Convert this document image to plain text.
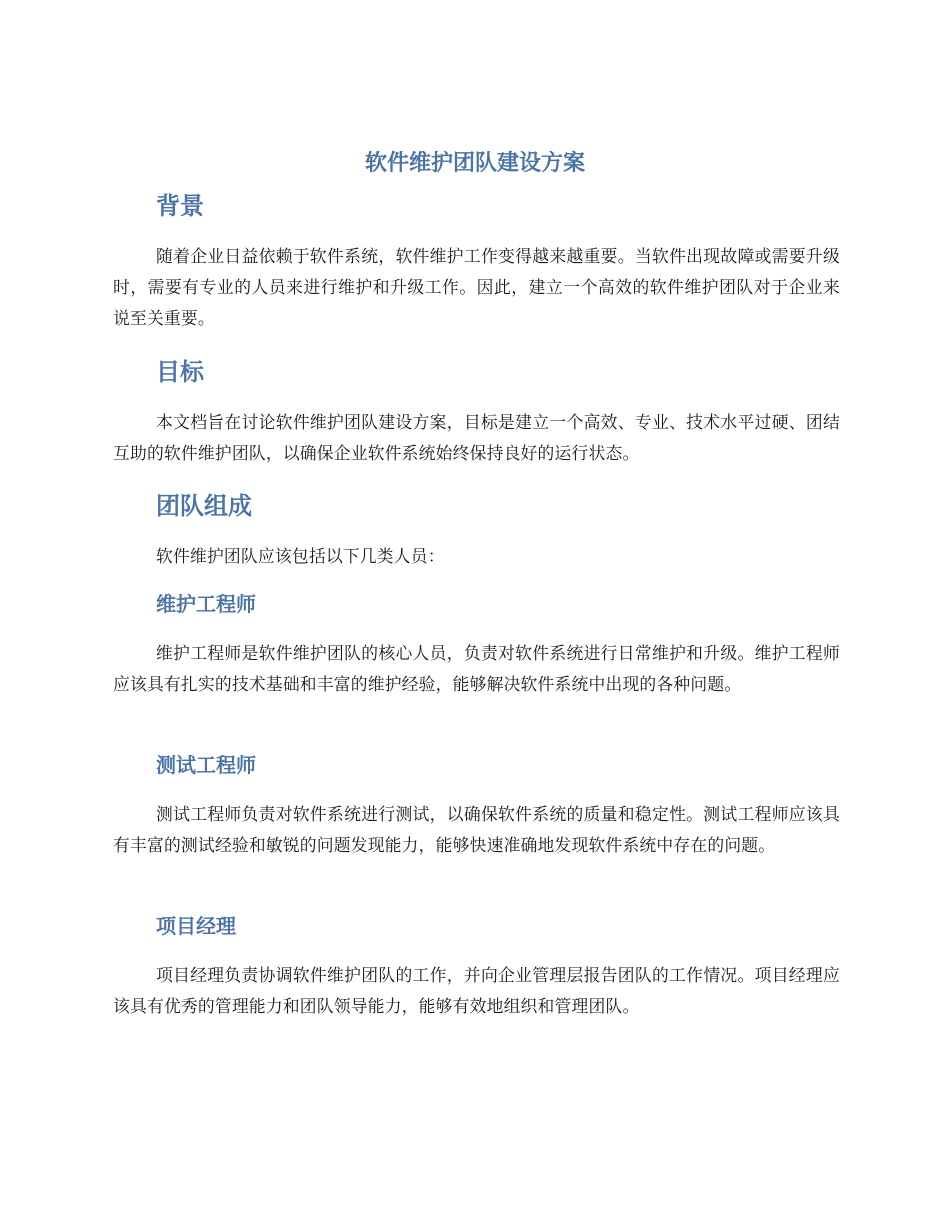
软件维护团队建设方案
背景

随着企业日益依赖于软件系统，软件维护工作变得越来越重要。当软件出现故障或需要升级时，需要有专业的人员来进行维护和升级工作。因此，建立一个高效的软件维护团队对于企业来说至关重要。

目标

本文档旨在讨论软件维护团队建设方案，目标是建立一个高效、专业、技术水平过硬、团结互助的软件维护团队，以确保企业软件系统始终保持良好的运行状态。

团队组成

软件维护团队应该包括以下几类人员：

维护工程师

维护工程师是软件维护团队的核心人员，负责对软件系统进行日常维护和升级。维护工程师应该具有扎实的技术基础和丰富的维护经验，能够解决软件系统中出现的各种问题。

测试工程师

测试工程师负责对软件系统进行测试，以确保软件系统的质量和稳定性。测试工程师应该具有丰富的测试经验和敏锐的问题发现能力，能够快速准确地发现软件系统中存在的问题。

项目经理

项目经理负责协调软件维护团队的工作，并向企业管理层报告团队的工作情况。项目经理应该具有优秀的管理能力和团队领导能力，能够有效地组织和管理团队。
